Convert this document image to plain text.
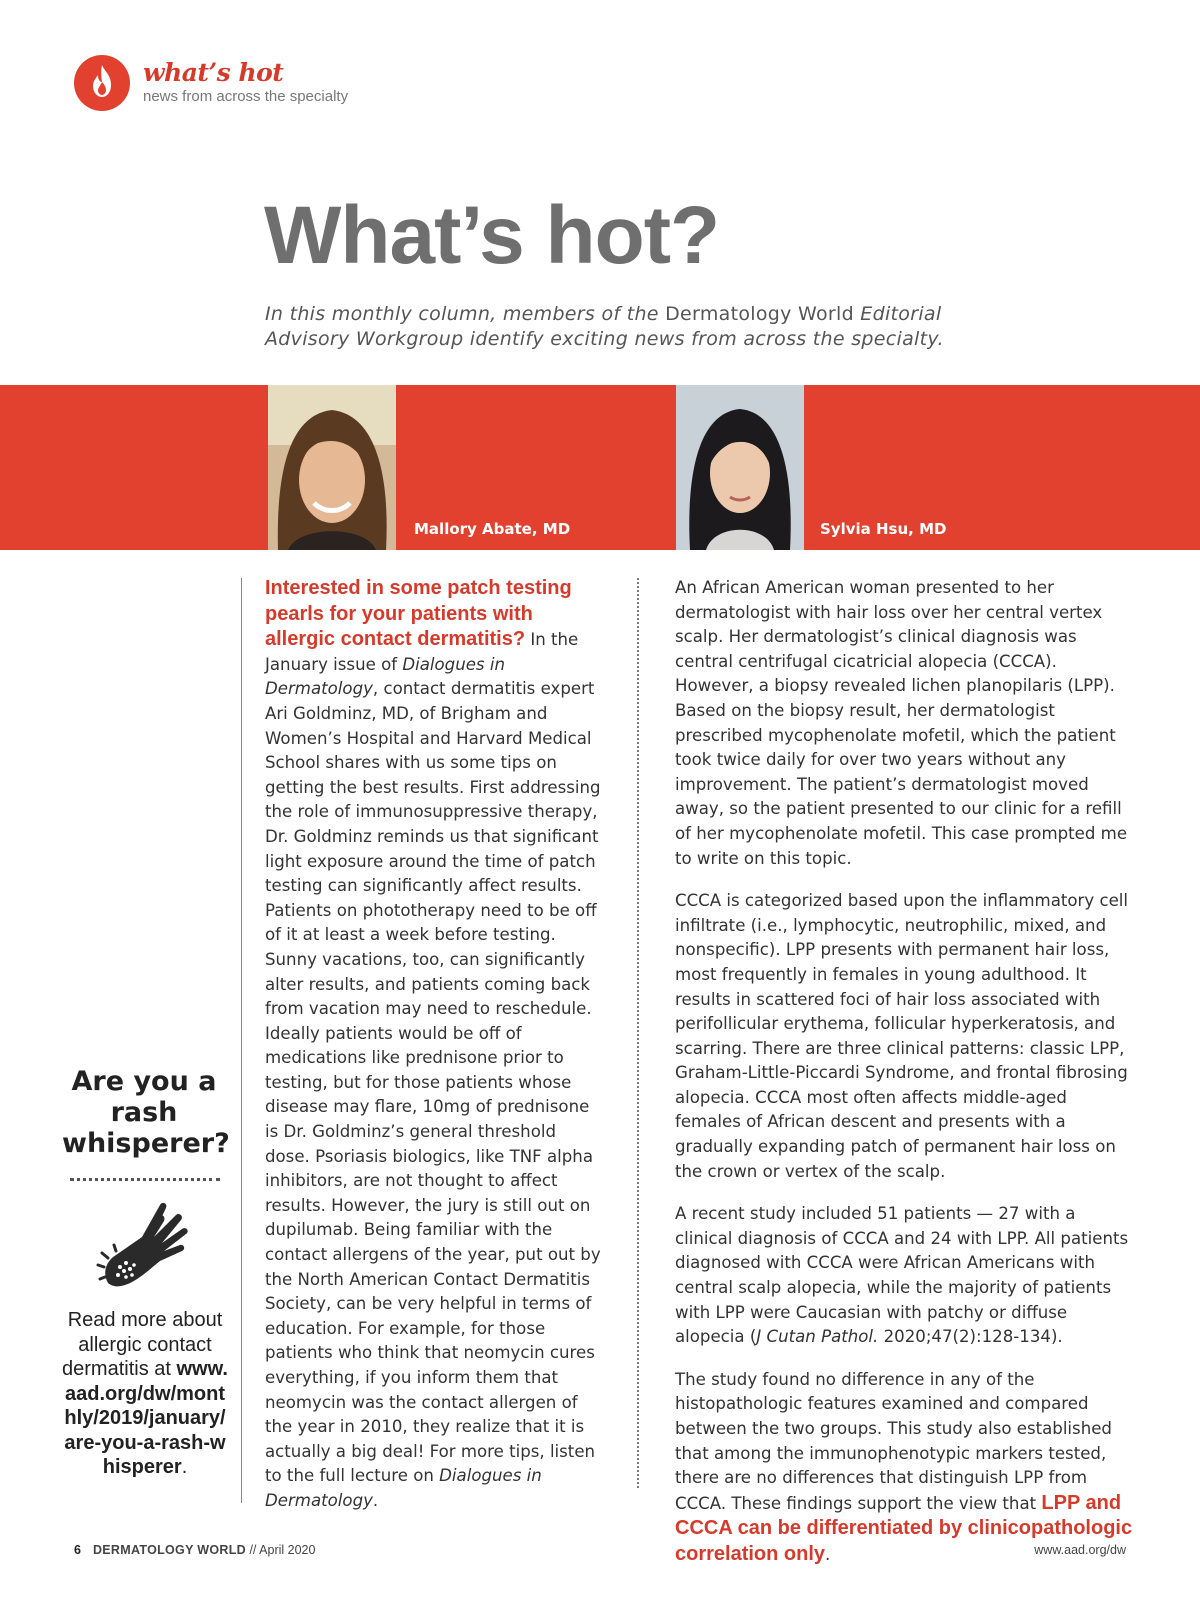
what’s hot
news from across the specialty
What’s hot?
In this monthly column, members of the Dermatology World Editorial Advisory Workgroup identify exciting news from across the specialty.
Mallory Abate, MD	Sylvia Hsu, MD
Are you a rash whisperer?
Read more about allergic contact dermatitis at www.aad.org/dw/monthly/2019/january/are-you-a-rash-whisperer.
Interested in some patch testing pearls for your patients with allergic contact dermatitis? In the January issue of Dialogues in Dermatology, contact dermatitis expert Ari Goldminz, MD, of Brigham and Women’s Hospital and Harvard Medical School shares with us some tips on getting the best results. First addressing the role of immunosuppressive therapy, Dr. Goldminz reminds us that significant light exposure around the time of patch testing can significantly affect results. Patients on phototherapy need to be off of it at least a week before testing. Sunny vacations, too, can significantly alter results, and patients coming back from vacation may need to reschedule. Ideally patients would be off of medications like prednisone prior to testing, but for those patients whose disease may flare, 10mg of prednisone is Dr. Goldminz’s general threshold dose. Psoriasis biologics, like TNF alpha inhibitors, are not thought to affect results. However, the jury is still out on dupilumab. Being familiar with the contact allergens of the year, put out by the North American Contact Dermatitis Society, can be very helpful in terms of education. For example, for those patients who think that neomycin cures everything, if you inform them that neomycin was the contact allergen of the year in 2010, they realize that it is actually a big deal! For more tips, listen to the full lecture on Dialogues in Dermatology.

An African American woman presented to her dermatologist with hair loss over her central vertex scalp. Her dermatologist’s clinical diagnosis was central centrifugal cicatricial alopecia (CCCA). However, a biopsy revealed lichen planopilaris (LPP). Based on the biopsy result, her dermatologist prescribed mycophenolate mofetil, which the patient took twice daily for over two years without any improvement. The patient’s dermatologist moved away, so the patient presented to our clinic for a refill of her mycophenolate mofetil. This case prompted me to write on this topic.

CCCA is categorized based upon the inflammatory cell infiltrate (i.e., lymphocytic, neutrophilic, mixed, and nonspecific). LPP presents with permanent hair loss, most frequently in females in young adulthood. It results in scattered foci of hair loss associated with perifollicular erythema, follicular hyperkeratosis, and scarring. There are three clinical patterns: classic LPP, Graham-Little-Piccardi Syndrome, and frontal fibrosing alopecia. CCCA most often affects middle-aged females of African descent and presents with a gradually expanding patch of permanent hair loss on the crown or vertex of the scalp.

A recent study included 51 patients — 27 with a clinical diagnosis of CCCA and 24 with LPP. All patients diagnosed with CCCA were African Americans with central scalp alopecia, while the majority of patients with LPP were Caucasian with patchy or diffuse alopecia (J Cutan Pathol. 2020;47(2):128-134).

The study found no difference in any of the histopathologic features examined and compared between the two groups. This study also established that among the immunophenotypic markers tested, there are no differences that distinguish LPP from CCCA. These findings support the view that LPP and CCCA can be differentiated by clinicopathologic correlation only.

6 DERMATOLOGY WORLD // April 2020	www.aad.org/dw
